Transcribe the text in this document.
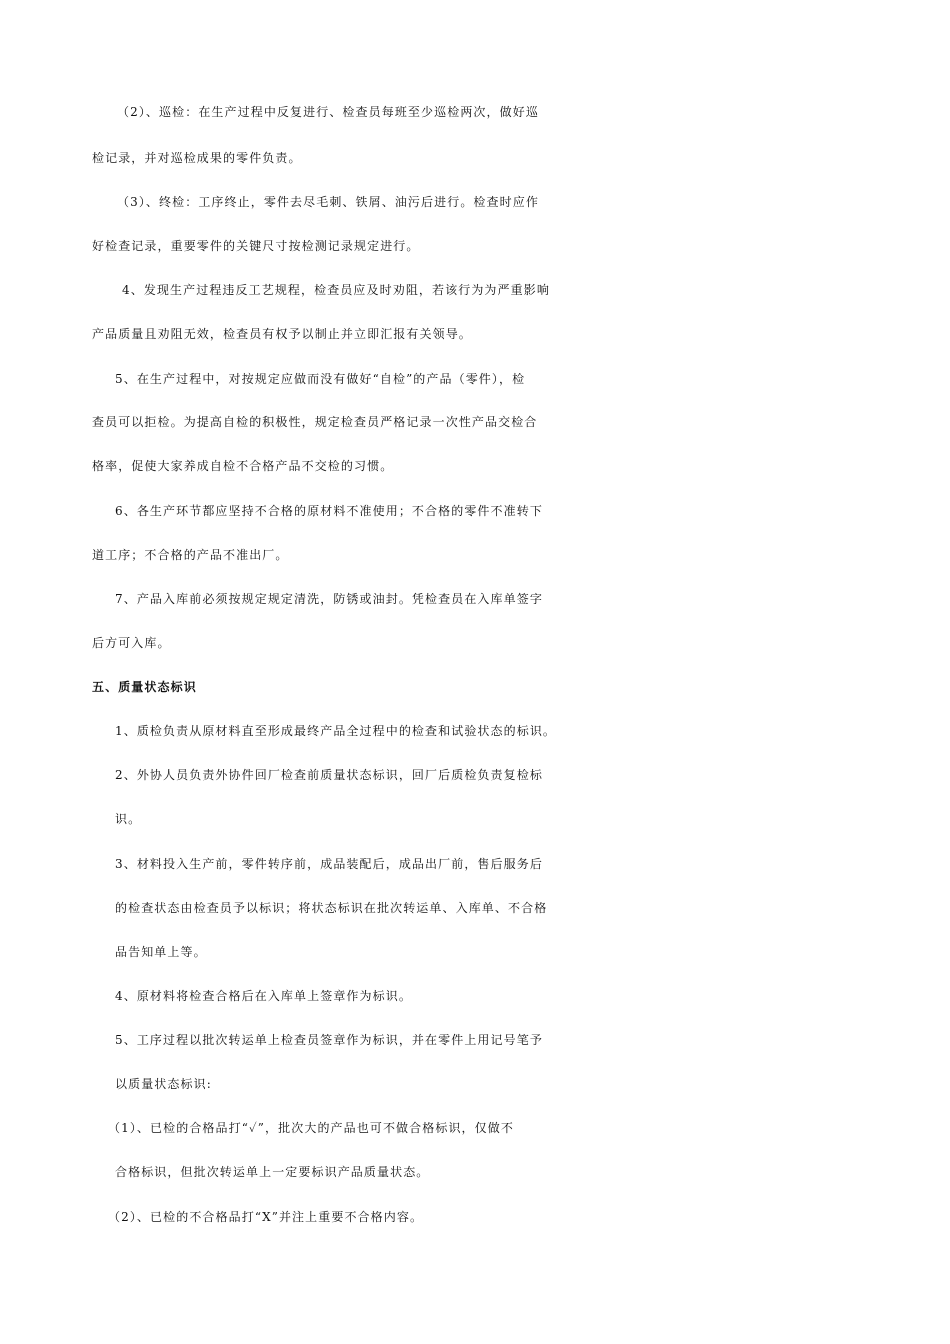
（2）、巡检：在生产过程中反复进行、检查员每班至少巡检两次，做好巡
检记录，并对巡检成果的零件负责。
（3）、终检：工序终止，零件去尽毛刺、铁屑、油污后进行。检查时应作
好检查记录，重要零件的关键尺寸按检测记录规定进行。
4、发现生产过程违反工艺规程，检查员应及时劝阻，若该行为为严重影响
产品质量且劝阻无效，检查员有权予以制止并立即汇报有关领导。
5、在生产过程中，对按规定应做而没有做好“自检”的产品（零件），检
查员可以拒检。为提高自检的积极性，规定检查员严格记录一次性产品交检合
格率，促使大家养成自检不合格产品不交检的习惯。
6、各生产环节都应坚持不合格的原材料不准使用；不合格的零件不准转下
道工序；不合格的产品不准出厂。
7、产品入库前必须按规定规定清洗，防锈或油封。凭检查员在入库单签字
后方可入库。
五、质量状态标识
1、质检负责从原材料直至形成最终产品全过程中的检查和试验状态的标识。
2、外协人员负责外协件回厂检查前质量状态标识，回厂后质检负责复检标
识。
3、材料投入生产前，零件转序前，成品装配后，成品出厂前，售后服务后
的检查状态由检查员予以标识；将状态标识在批次转运单、入库单、不合格
品告知单上等。
4、原材料将检查合格后在入库单上签章作为标识。
5、工序过程以批次转运单上检查员签章作为标识，并在零件上用记号笔予
以质量状态标识:
（1）、已检的合格品打“✓”，批次大的产品也可不做合格标识，仅做不
合格标识，但批次转运单上一定要标识产品质量状态。
（2）、已检的不合格品打“X”并注上重要不合格内容。
